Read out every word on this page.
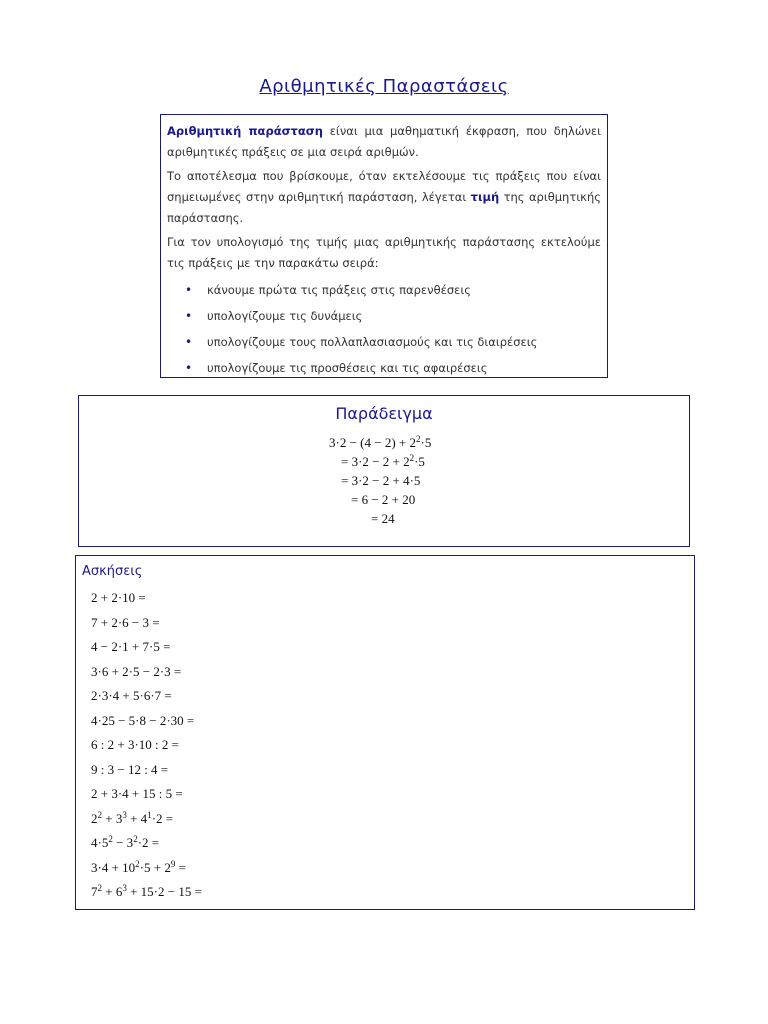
Αριθμητικές Παραστάσεις

Αριθμητική παράσταση είναι μια μαθηματική έκφραση, που δηλώνει αριθμητικές πράξεις σε μια σειρά αριθμών.

Το αποτέλεσμα που βρίσκουμε, όταν εκτελέσουμε τις πράξεις που είναι σημειωμένες στην αριθμητική παράσταση, λέγεται τιμή της αριθμητικής παράστασης.

Για τον υπολογισμό της τιμής μιας αριθμητικής παράστασης εκτελούμε τις πράξεις με την παρακάτω σειρά:

• κάνουμε πρώτα τις πράξεις στις παρενθέσεις
• υπολογίζουμε τις δυνάμεις
• υπολογίζουμε τους πολλαπλασιασμούς και τις διαιρέσεις
• υπολογίζουμε τις προσθέσεις και τις αφαιρέσεις
Παράδειγμα
$3\cdot 2 - (4 - 2) + 2^2\cdot 5$
= $3\cdot 2 - 2 + 2^2\cdot 5$
= 3·2 − 2 + 4·5
= 6 − 2 + 20
= 24
Ασκήσεις
2 + 2·10 =
7 + 2·6 − 3 =
4 − 2·1 + 7·5 =
3·6 + 2·5 − 2·3 =
2·3·4 + 5·6·7 =
4·25 − 5·8 − 2·30 =
6 : 2 + 3·10 : 2 =
9 : 3 − 12 : 4 =
2 + 3·4 + 15 : 5 =
$2^2 + 3^3 + 4^1\cdot 2$ =
$4\cdot 5^2 - 3^2\cdot 2$ =
$3\cdot 4 + 10^2\cdot 5 + 2^9$ =
$7^2 + 6^3 + 15\cdot 2 - 15$ =
